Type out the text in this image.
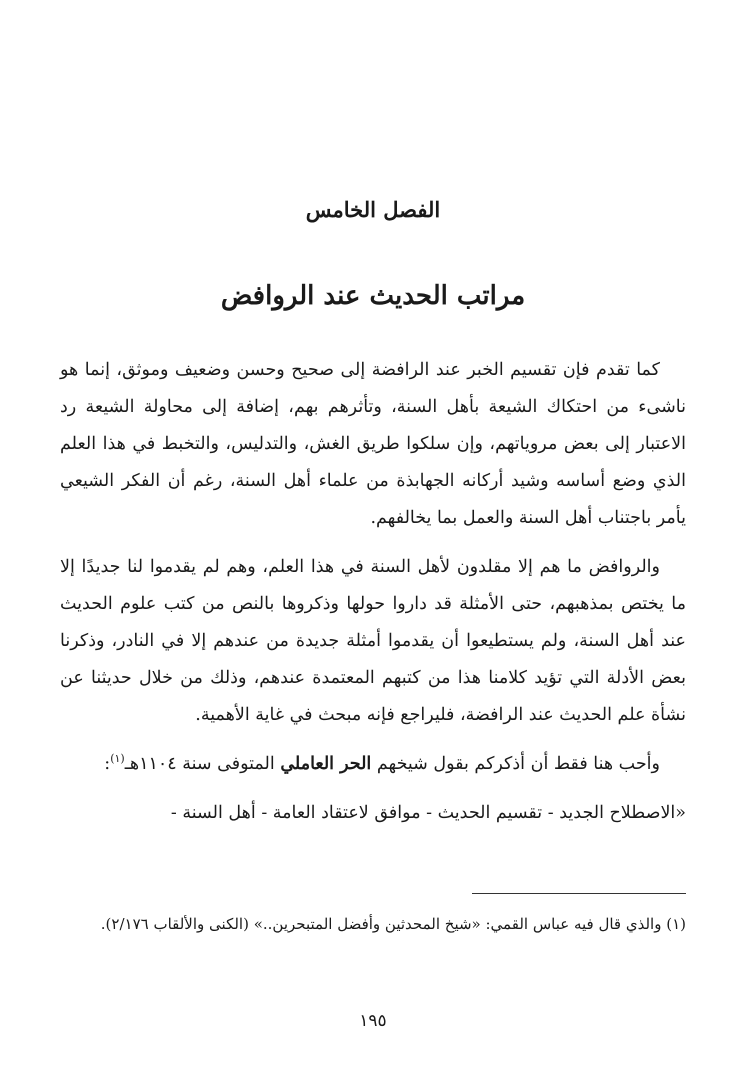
الفصل الخامس
مراتب الحديث عند الروافض

كما تقدم فإن تقسيم الخبر عند الرافضة إلى صحيح وحسن وضعيف وموثق، إنما هو ناشىء من احتكاك الشيعة بأهل السنة، وتأثرهم بهم، إضافة إلى محاولة الشيعة رد الاعتبار إلى بعض مروياتهم، وإن سلكوا طريق الغش، والتدليس، والتخبط في هذا العلم الذي وضع أساسه وشيد أركانه الجهابذة من علماء أهل السنة، رغم أن الفكر الشيعي يأمر باجتناب أهل السنة والعمل بما يخالفهم.

والروافض ما هم إلا مقلدون لأهل السنة في هذا العلم، وهم لم يقدموا لنا جديدًا إلا ما يختص بمذهبهم، حتى الأمثلة قد داروا حولها وذكروها بالنص من كتب علوم الحديث عند أهل السنة، ولم يستطيعوا أن يقدموا أمثلة جديدة من عندهم إلا في النادر، وذكرنا بعض الأدلة التي تؤيد كلامنا هذا من كتبهم المعتمدة عندهم، وذلك من خلال حديثنا عن نشأة علم الحديث عند الرافضة، فليراجع فإنه مبحث في غاية الأهمية.

وأحب هنا فقط أن أذكركم بقول شيخهم الحر العاملي المتوفى سنة ١١٠٤هـ$^{(١)}$:

«الاصطلاح الجديد - تقسيم الحديث - موافق لاعتقاد العامة - أهل السنة -

(١) والذي قال فيه عباس القمي: «شيخ المحدثين وأفضل المتبحرين..» (الكنى والألقاب ٢/١٧٦).
١٩٥
